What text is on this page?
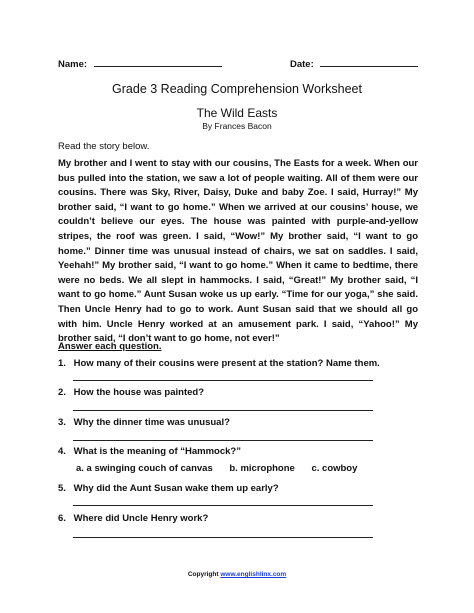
Name:	Date:
Grade 3 Reading Comprehension Worksheet
The Wild Easts
By Frances Bacon
Read the story below.

My brother and I went to stay with our cousins, The Easts for a week. When our bus pulled into the station, we saw a lot of people waiting. All of them were our cousins. There was Sky, River, Daisy, Duke and baby Zoe. I said, Hurray!” My brother said, “I want to go home.” When we arrived at our cousins’ house, we couldn’t believe our eyes. The house was painted with purple-and-yellow stripes, the roof was green. I said, “Wow!” My brother said, “I want to go home.” Dinner time was unusual instead of chairs, we sat on saddles. I said, Yeehah!” My brother said, “I want to go home.” When it came to bedtime, there were no beds. We all slept in hammocks. I said, “Great!” My brother said, “I want to go home.” Aunt Susan woke us up early. “Time for our yoga,” she said. Then Uncle Henry had to go to work. Aunt Susan said that we should all go with him. Uncle Henry worked at an amusement park. I said, “Yahoo!” My brother said, “I don’t want to go home, not ever!”

Answer each question.
1. How many of their cousins were present at the station? Name them.
2. How the house was painted?
3. Why the dinner time was unusual?
4. What is the meaning of “Hammock?”
a. a swinging couch of canvas b. microphone c. cowboy
5. Why did the Aunt Susan wake them up early?
6. Where did Uncle Henry work?
Copyright www.englishlinx.com
